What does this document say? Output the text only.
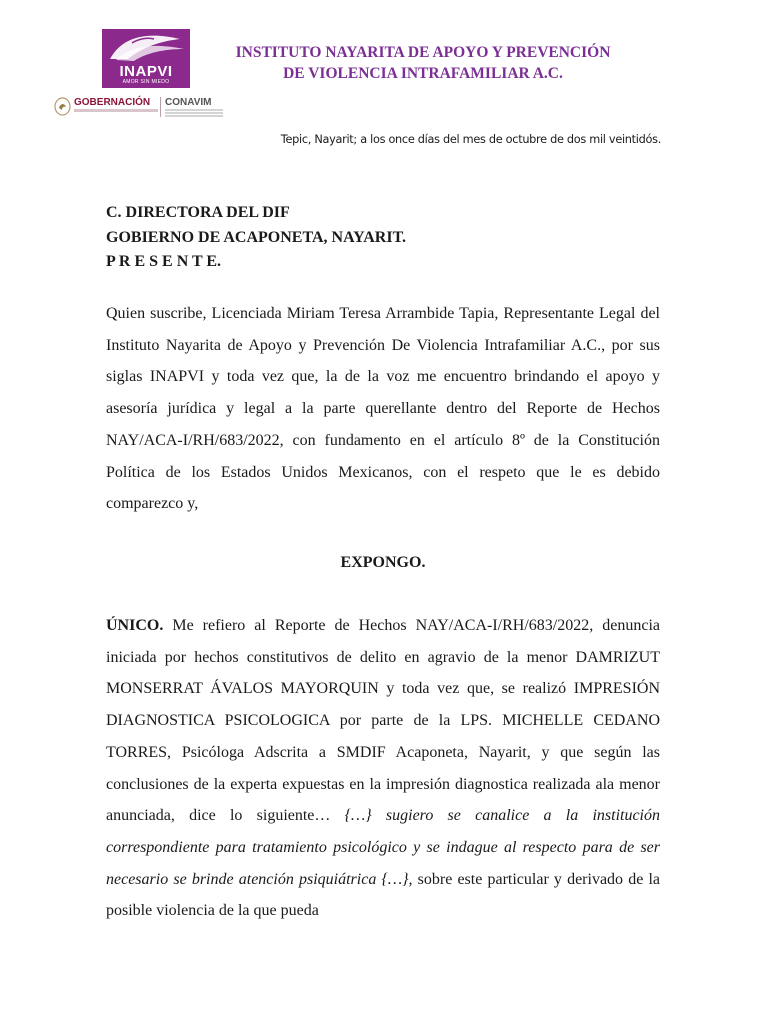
INAPVI
AMOR SIN MIEDO
GOBERNACIÓN CONAVIM
INSTITUTO NAYARITA DE APOYO Y PREVENCIÓN
DE VIOLENCIA INTRAFAMILIAR A.C.
Tepic, Nayarit; a los once días del mes de octubre de dos mil veintidós.
C. DIRECTORA DEL DIF
GOBIERNO DE ACAPONETA, NAYARIT.
P R E S E N T E.

Quien suscribe, Licenciada Miriam Teresa Arrambide Tapia, Representante Legal del Instituto Nayarita de Apoyo y Prevención De Violencia Intrafamiliar A.C., por sus siglas INAPVI y toda vez que, la de la voz me encuentro brindando el apoyo y asesoría jurídica y legal a la parte querellante dentro del Reporte de Hechos NAY/ACA-I/RH/683/2022, con fundamento en el artículo 8º de la Constitución Política de los Estados Unidos Mexicanos, con el respeto que le es debido comparezco y,

EXPONGO.

ÚNICO. Me refiero al Reporte de Hechos NAY/ACA-I/RH/683/2022, denuncia iniciada por hechos constitutivos de delito en agravio de la menor DAMRIZUT MONSERRAT ÁVALOS MAYORQUIN y toda vez que, se realizó IMPRESIÓN DIAGNOSTICA PSICOLOGICA por parte de la LPS. MICHELLE CEDANO TORRES, Psicóloga Adscrita a SMDIF Acaponeta, Nayarit, y que según las conclusiones de la experta expuestas en la impresión diagnostica realizada ala menor anunciada, dice lo siguiente… {…} sugiero se canalice a la institución correspondiente para tratamiento psicológico y se indague al respecto para de ser necesario se brinde atención psiquiátrica {…}, sobre este particular y derivado de la posible violencia de la que pueda
